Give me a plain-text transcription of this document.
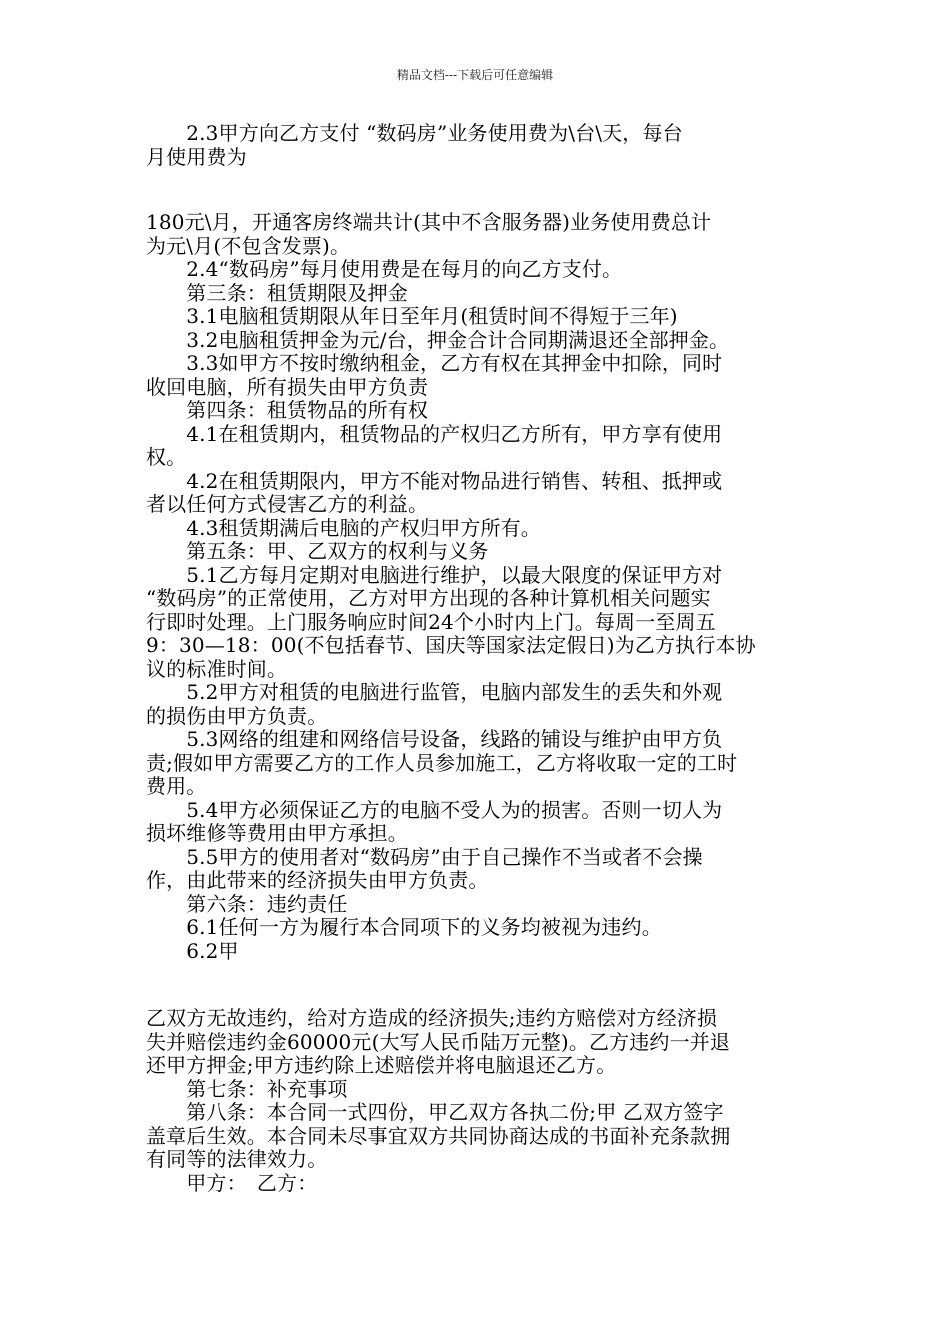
精品文档---下载后可任意编辑

　　2.3甲方向乙方支付 “数码房”业务使用费为\台\天，每台

月使用费为

180元\月，开通客房终端共计(其中不含服务器)业务使用费总计

为元\月(不包含发票)。

　　2.4“数码房”每月使用费是在每月的向乙方支付。

　　第三条：租赁期限及押金

　　3.1电脑租赁期限从年日至年月(租赁时间不得短于三年)

　　3.2电脑租赁押金为元/台，押金合计合同期满退还全部押金。

　　3.3如甲方不按时缴纳租金，乙方有权在其押金中扣除，同时

收回电脑，所有损失由甲方负责

　　第四条：租赁物品的所有权

　　4.1在租赁期内，租赁物品的产权归乙方所有，甲方享有使用

权。

　　4.2在租赁期限内，甲方不能对物品进行销售、转租、抵押或

者以任何方式侵害乙方的利益。

　　4.3租赁期满后电脑的产权归甲方所有。

　　第五条：甲、乙双方的权利与义务

　　5.1乙方每月定期对电脑进行维护，以最大限度的保证甲方对

“数码房”的正常使用，乙方对甲方出现的各种计算机相关问题实

行即时处理。上门服务响应时间24个小时内上门。每周一至周五

9：30—18：00(不包括春节、国庆等国家法定假日)为乙方执行本协

议的标准时间。

　　5.2甲方对租赁的电脑进行监管，电脑内部发生的丢失和外观

的损伤由甲方负责。

　　5.3网络的组建和网络信号设备，线路的铺设与维护由甲方负

责;假如甲方需要乙方的工作人员参加施工，乙方将收取一定的工时

费用。

　　5.4甲方必须保证乙方的电脑不受人为的损害。否则一切人为

损坏维修等费用由甲方承担。

　　5.5甲方的使用者对“数码房”由于自己操作不当或者不会操

作，由此带来的经济损失由甲方负责。

　　第六条：违约责任

　　6.1任何一方为履行本合同项下的义务均被视为违约。

　　6.2甲

乙双方无故违约，给对方造成的经济损失;违约方赔偿对方经济损

失并赔偿违约金60000元(大写人民币陆万元整)。乙方违约一并退

还甲方押金;甲方违约除上述赔偿并将电脑退还乙方。

　　第七条：补充事项

　　第八条：本合同一式四份，甲乙双方各执二份;甲 乙双方签字

盖章后生效。本合同未尽事宜双方共同协商达成的书面补充条款拥

有同等的法律效力。

　　甲方：　乙方：
